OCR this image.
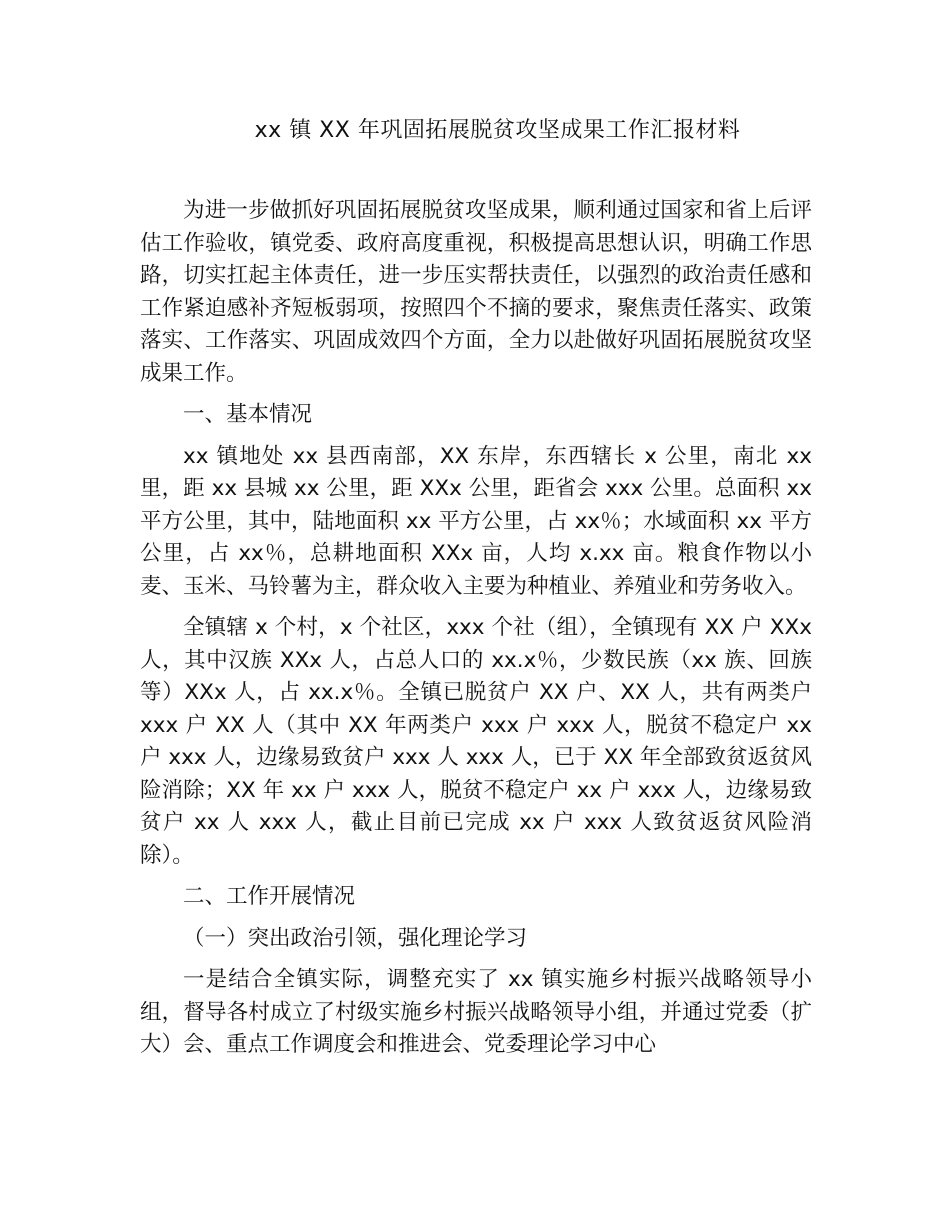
xx 镇 XX 年巩固拓展脱贫攻坚成果工作汇报材料

为进一步做抓好巩固拓展脱贫攻坚成果，顺利通过国家和省上后评估工作验收，镇党委、政府高度重视，积极提高思想认识，明确工作思路，切实扛起主体责任，进一步压实帮扶责任，以强烈的政治责任感和工作紧迫感补齐短板弱项，按照四个不摘的要求，聚焦责任落实、政策落实、工作落实、巩固成效四个方面，全力以赴做好巩固拓展脱贫攻坚成果工作。

一、基本情况

xx 镇地处 xx 县西南部，XX 东岸，东西辖长 x 公里，南北 xx 里，距 xx 县城 xx 公里，距 XXx 公里，距省会 xxx 公里。总面积 xx 平方公里，其中，陆地面积 xx 平方公里，占 xx％；水域面积 xx 平方公里，占 xx％，总耕地面积 XXx 亩，人均 x.xx 亩。粮食作物以小麦、玉米、马铃薯为主，群众收入主要为种植业、养殖业和劳务收入。

全镇辖 x 个村，x 个社区，xxx 个社（组），全镇现有 XX 户 XXx 人，其中汉族 XXx 人，占总人口的 xx.x％，少数民族（xx 族、回族等）XXx 人，占 xx.x％。全镇已脱贫户 XX 户、XX 人，共有两类户 xxx 户 XX 人（其中 XX 年两类户 xxx 户 xxx 人，脱贫不稳定户 xx 户 xxx 人，边缘易致贫户 xxx 人 xxx 人，已于 XX 年全部致贫返贫风险消除；XX 年 xx 户 xxx 人，脱贫不稳定户 xx 户 xxx 人，边缘易致贫户 xx 人 xxx 人，截止目前已完成 xx 户 xxx 人致贫返贫风险消除）。

二、工作开展情况

（一）突出政治引领，强化理论学习

一是结合全镇实际，调整充实了 xx 镇实施乡村振兴战略领导小组，督导各村成立了村级实施乡村振兴战略领导小组，并通过党委（扩大）会、重点工作调度会和推进会、党委理论学习中心
